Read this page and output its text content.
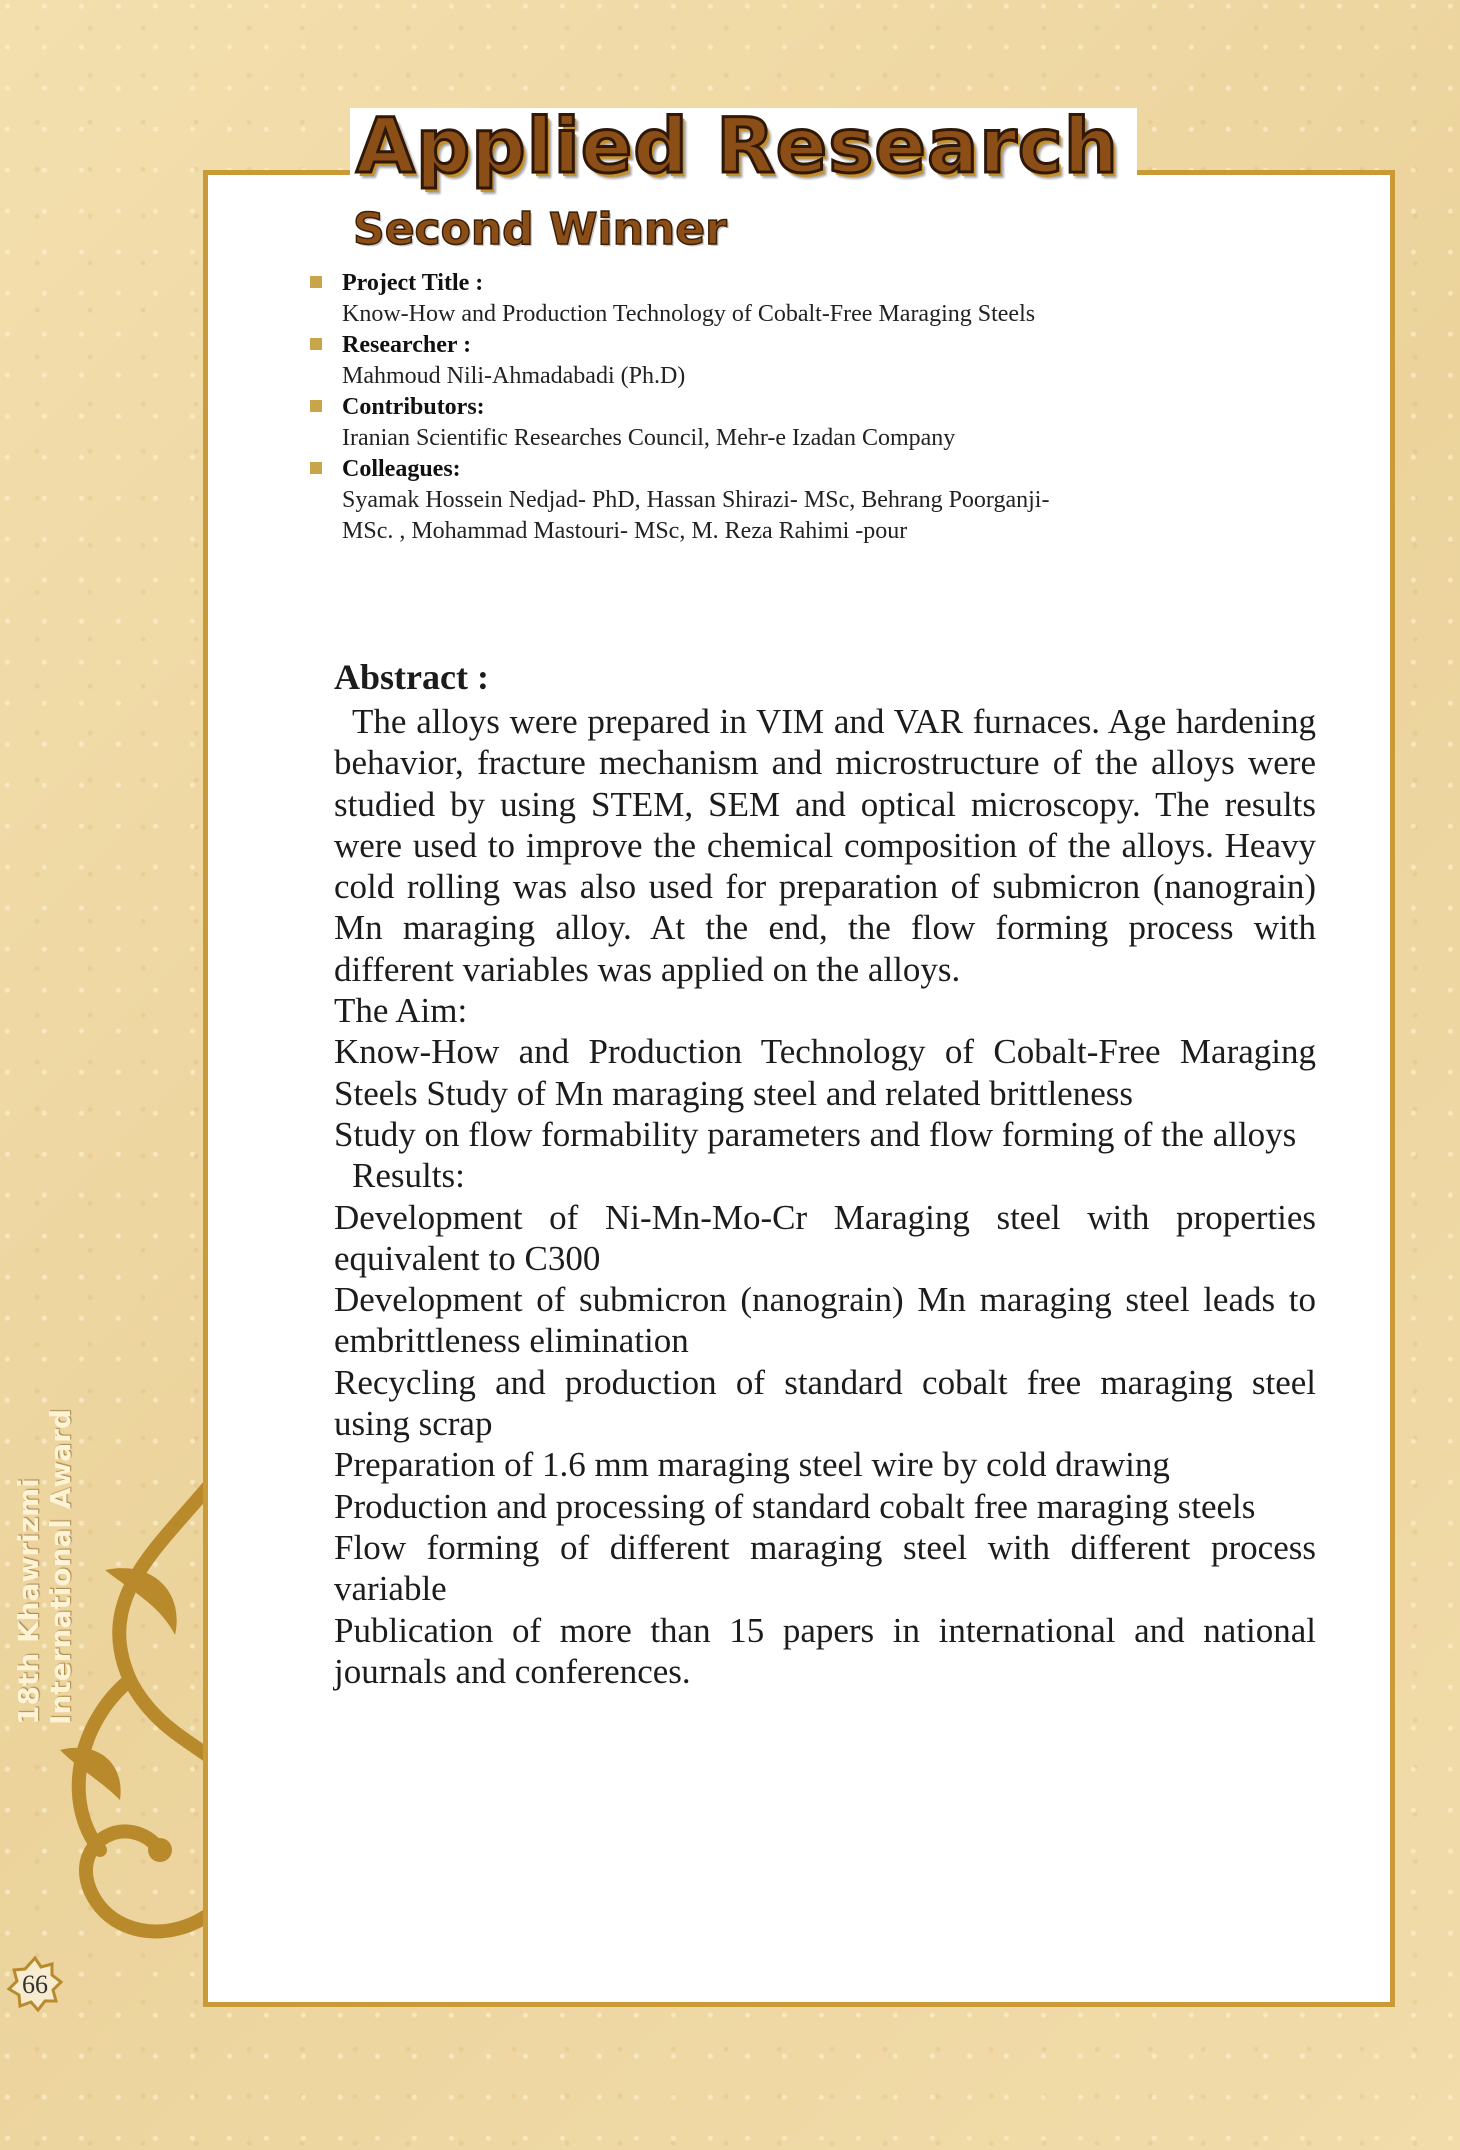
18th Khawrizmi International Award
66
Applied Research
Second Winner
Project Title :
Know-How and Production Technology of Cobalt-Free Maraging Steels
Researcher :
Mahmoud Nili-Ahmadabadi (Ph.D)
Contributors:
Iranian Scientific Researches Council, Mehr-e Izadan Company
Colleagues:
Syamak Hossein Nedjad- PhD, Hassan Shirazi- MSc, Behrang Poorganji-
MSc. , Mohammad Mastouri- MSc, M. Reza Rahimi -pour
Abstract :

The alloys were prepared in VIM and VAR furnaces. Age hardening behavior, fracture mechanism and microstructure of the alloys were studied by using STEM, SEM and optical microscopy. The results were used to improve the chemical composition of the alloys. Heavy cold rolling was also used for preparation of submicron (nanograin) Mn maraging alloy. At the end, the flow forming process with different variables was applied on the alloys.

The Aim:

Know-How and Production Technology of Cobalt-Free Maraging Steels Study of Mn maraging steel and related brittleness

Study on flow formability parameters and flow forming of the alloys

Results:

Development of Ni-Mn-Mo-Cr Maraging steel with properties equivalent to C300

Development of submicron (nanograin) Mn maraging steel leads to embrittleness elimination

Recycling and production of standard cobalt free maraging steel using scrap

Preparation of 1.6 mm maraging steel wire by cold drawing

Production and processing of standard cobalt free maraging steels

Flow forming of different maraging steel with different process variable

Publication of more than 15 papers in international and national journals and conferences.
